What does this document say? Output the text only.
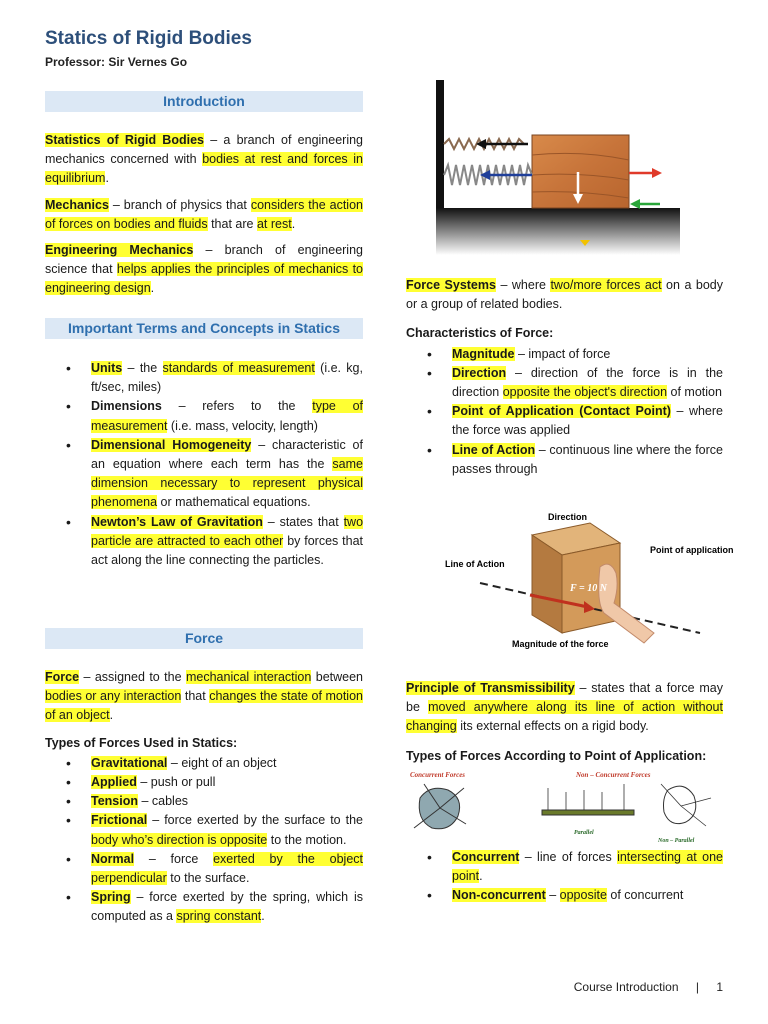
Statics of Rigid Bodies
Professor: Sir Vernes Go
Introduction

Statistics of Rigid Bodies – a branch of engineering mechanics concerned with bodies at rest and forces in equilibrium.

Mechanics – branch of physics that considers the action of forces on bodies and fluids that are at rest.

Engineering Mechanics – branch of engineering science that helps applies the principles of mechanics to engineering design.

Important Terms and Concepts in Statics
• Units – the standards of measurement (i.e. kg, ft/sec, miles)
• Dimensions – refers to the type of measurement (i.e. mass, velocity, length)
• Dimensional Homogeneity – characteristic of an equation where each term has the same dimension necessary to represent physical phenomena or mathematical equations.
• Newton’s Law of Gravitation – states that two particle are attracted to each other by forces that act along the line connecting the particles.
Force

Force – assigned to the mechanical interaction between bodies or any interaction that changes the state of motion of an object.

Types of Forces Used in Statics:
• Gravitational – eight of an object
• Applied – push or pull
• Tension – cables
• Frictional – force exerted by the surface to the body who’s direction is opposite to the motion.
• Normal – force exerted by the object perpendicular to the surface.
• Spring – force exerted by the spring, which is computed as a spring constant.

Force Systems – where two/more forces act on a body or a group of related bodies.

Characteristics of Force:
• Magnitude – impact of force
• Direction – direction of the force is in the direction opposite the object's direction of motion
• Point of Application (Contact Point) – where the force was applied
• Line of Action – continuous line where the force passes through
Direction
Point of application
Line of Action
F = 10 N
Magnitude of the force

Principle of Transmissibility – states that a force may be moved anywhere along its line of action without changing its external effects on a rigid body.

Types of Forces According to Point of Application:
Concurrent Forces	Non – Concurrent Forces
Parallel
Non – Parallel
• Concurrent – line of forces intersecting at one point.
• Non-concurrent – opposite of concurrent
Course Introduction | 1
